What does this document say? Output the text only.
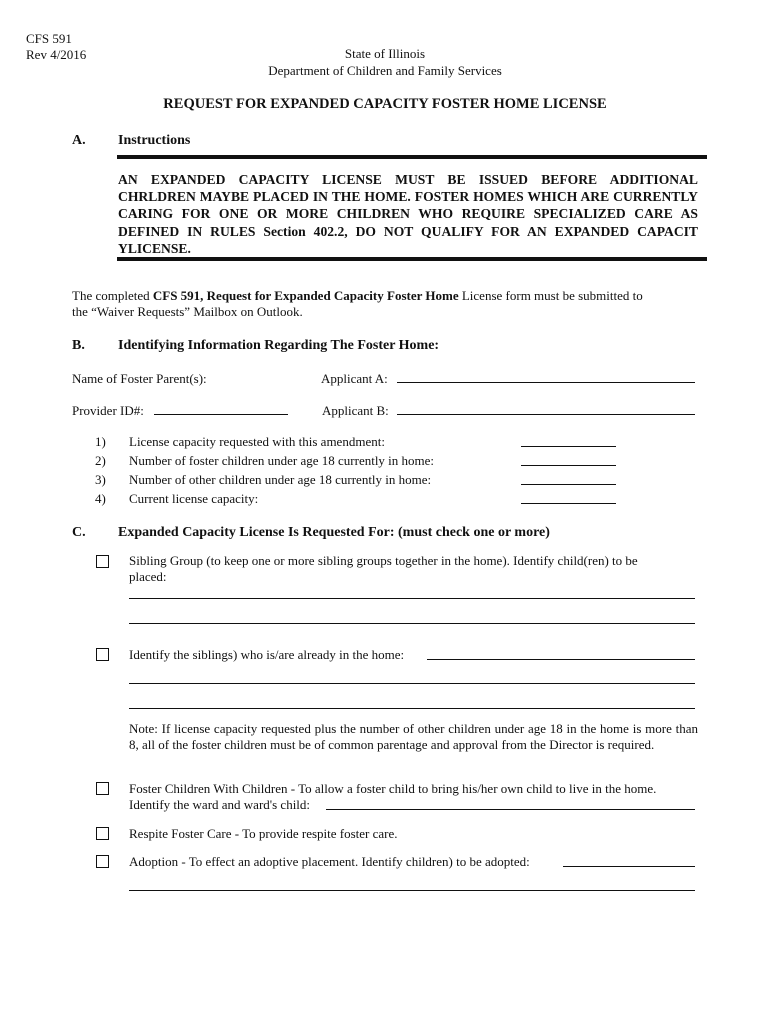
CFS 591
Rev 4/2016	State of Illinois
Department of Children and Family Services
REQUEST FOR EXPANDED CAPACITY FOSTER HOME LICENSE
A. Instructions
AN EXPANDED CAPACITY LICENSE MUST BE ISSUED BEFORE ADDITIONAL CHRLDREN MAYBE PLACED IN THE HOME. FOSTER HOMES WHICH ARE CURRENTLY CARING FOR ONE OR MORE CHILDREN WHO REQUIRE SPECIALIZED CARE AS DEFINED IN RULES Section 402.2, DO NOT QUALIFY FOR AN EXPANDED CAPACIT YLICENSE.
The completed CFS 591, Request for Expanded Capacity Foster Home License form must be submitted to
the “Waiver Requests” Mailbox on Outlook.
B. Identifying Information Regarding The Foster Home:
Name of Foster Parent(s):	Applicant A:
Provider ID#:	Applicant B:
1) License capacity requested with this amendment:
2) Number of foster children under age 18 currently in home:
3) Number of other children under age 18 currently in home:
4) Current license capacity:
C. Expanded Capacity License Is Requested For: (must check one or more)
Sibling Group (to keep one or more sibling groups together in the home). Identify child(ren) to be
placed:
Identify the siblings) who is/are already in the home:
Note: If license capacity requested plus the number of other children under age 18 in the home is more than 8, all of the foster children must be of common parentage and approval from the Director is required.
Foster Children With Children - To allow a foster child to bring his/her own child to live in the home.
Identify the ward and ward's child:
Respite Foster Care - To provide respite foster care.
Adoption - To effect an adoptive placement. Identify children) to be adopted:
